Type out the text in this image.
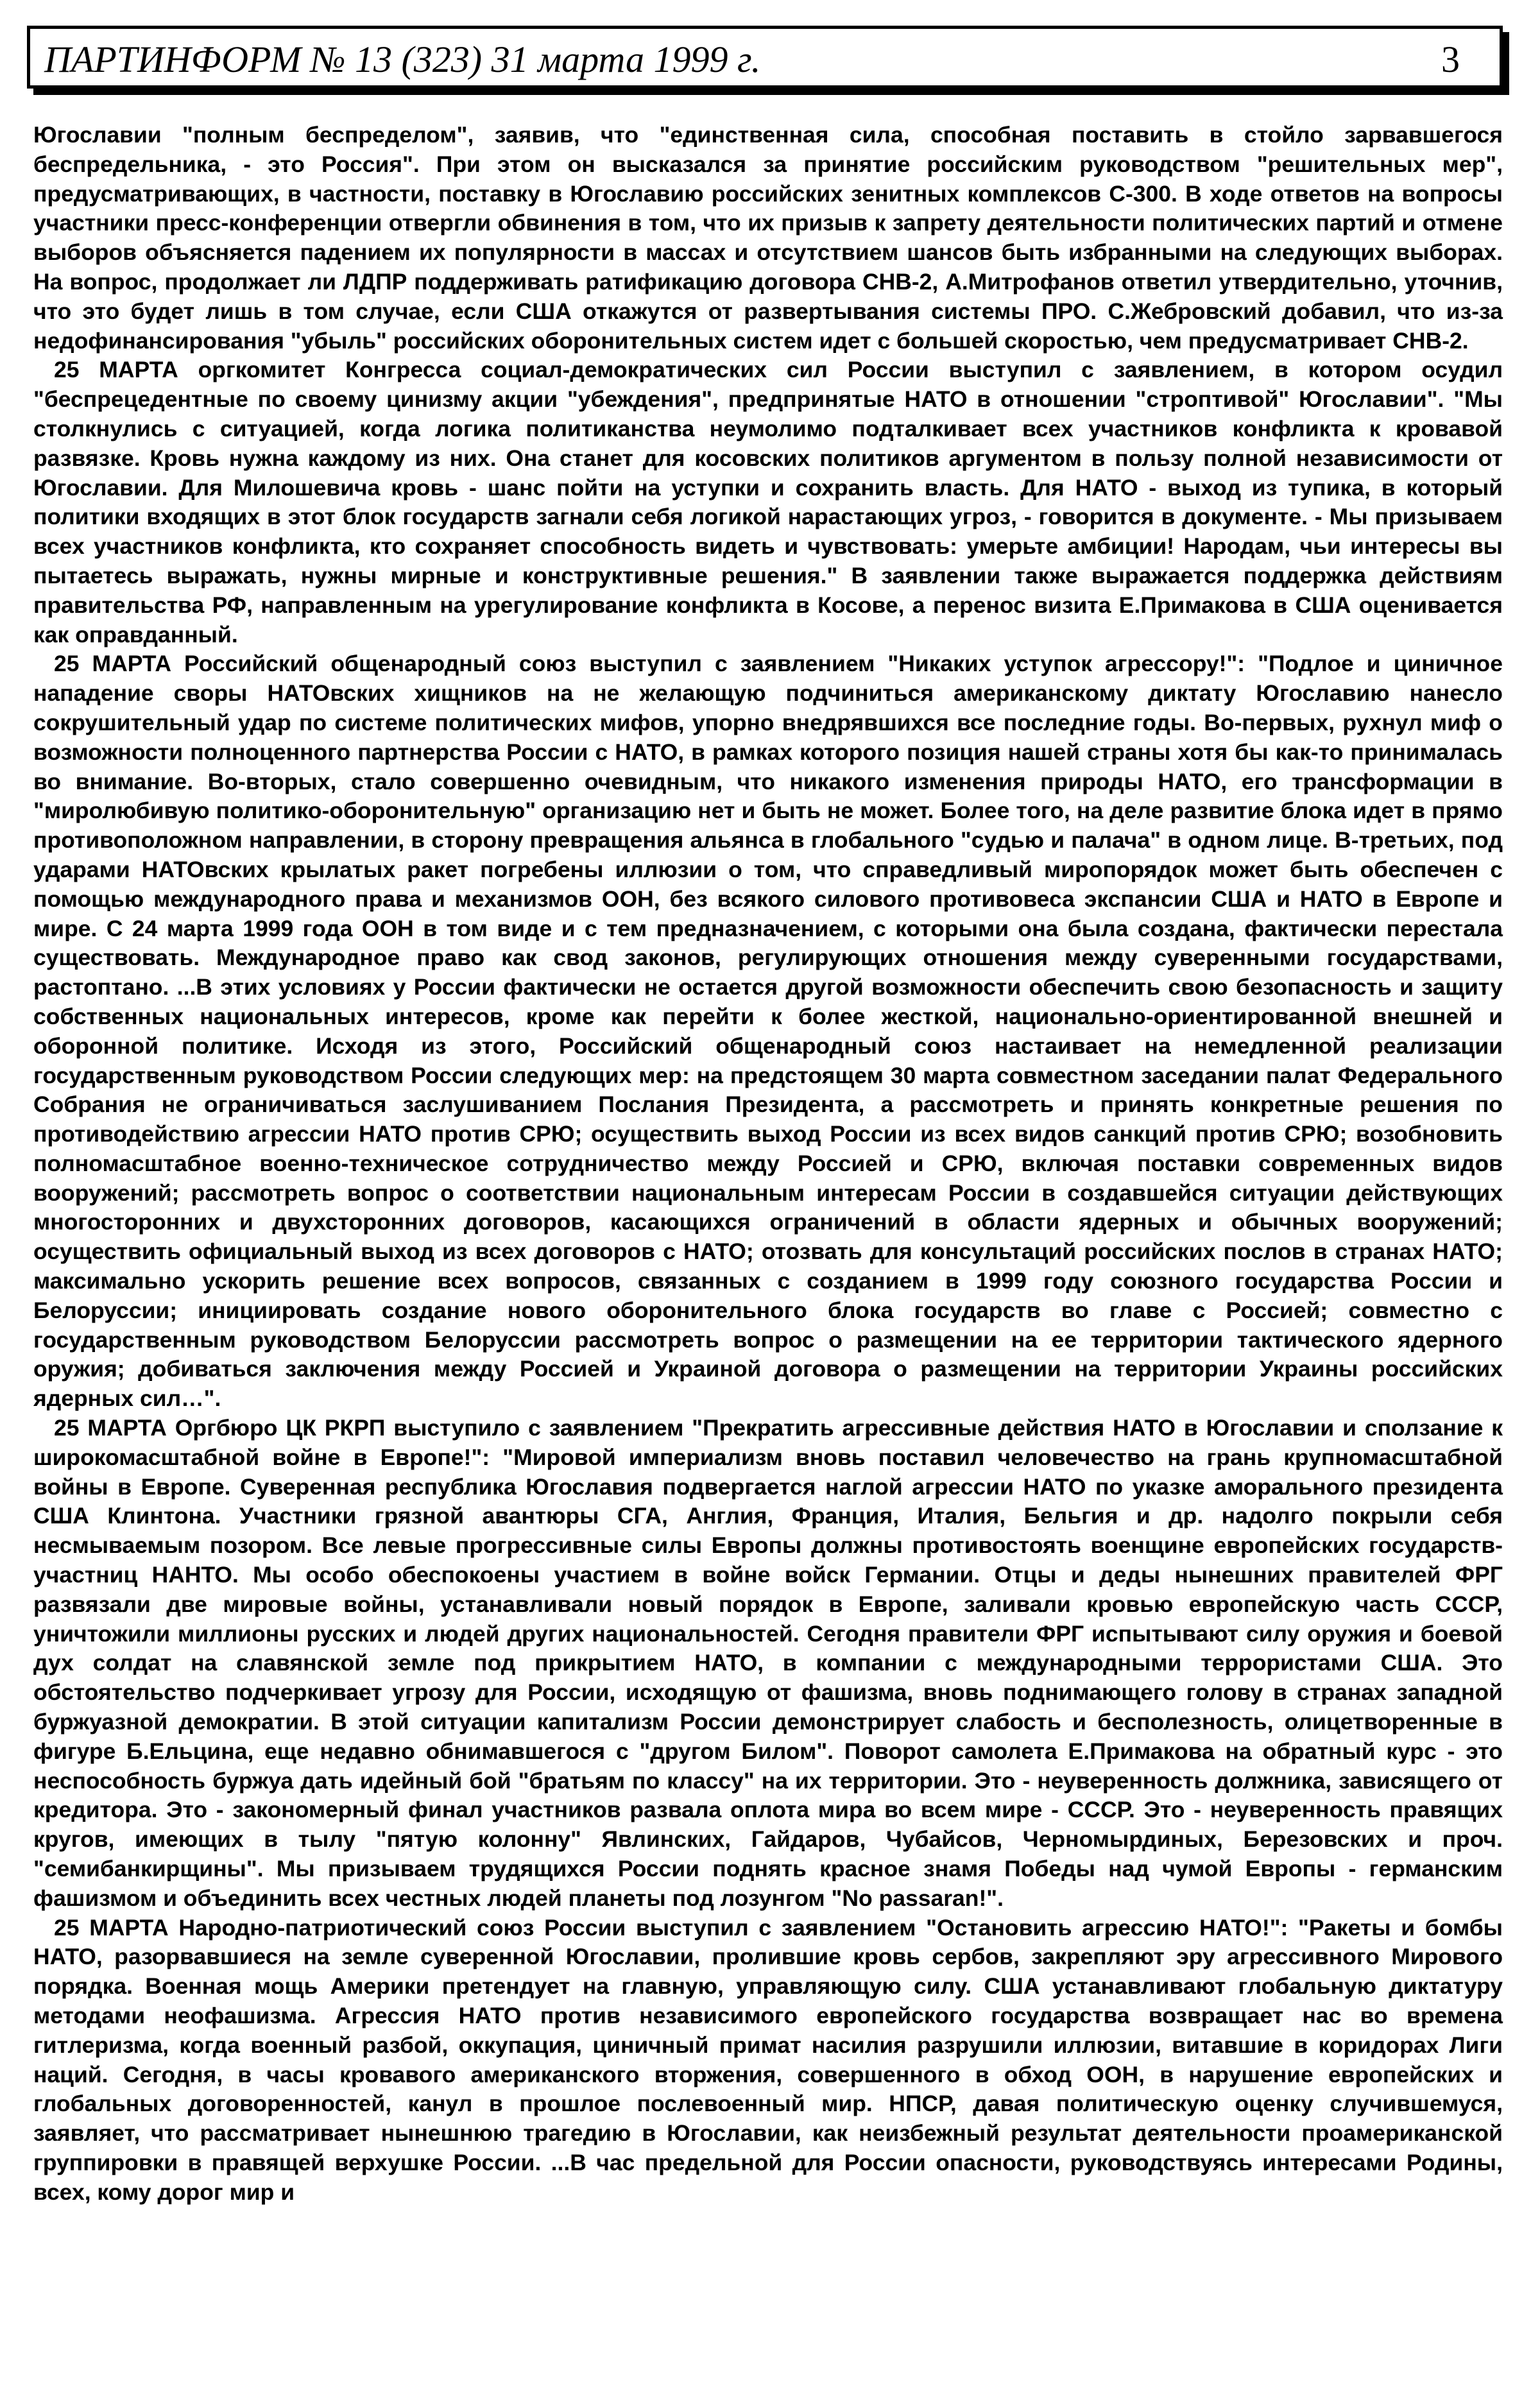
ПАРТИНФОРМ № 13 (323) 31 марта 1999 г.	3

Югославии "полным беспределом", заявив, что "единственная сила, способная поставить в стойло зарвавшегося беспредельника, - это Россия". При этом он высказался за принятие российским руководством "решительных мер", предусматривающих, в частности, поставку в Югославию российских зенитных комплексов С-300. В ходе ответов на вопросы участники пресс-конференции отвергли обвинения в том, что их призыв к запрету деятельности политических партий и отмене выборов объясняется падением их популярности в массах и отсутствием шансов быть избранными на следующих выборах. На вопрос, продолжает ли ЛДПР поддерживать ратификацию договора СНВ-2, А.Митрофанов ответил утвердительно, уточнив, что это будет лишь в том случае, если США откажутся от развертывания системы ПРО. С.Жебровский добавил, что из-за недофинансирования "убыль" российских оборонительных систем идет с большей скоростью, чем предусматривает СНВ-2.

25 МАРТА оргкомитет Конгресса социал-демократических сил России выступил с заявлением, в котором осудил "беспрецедентные по своему цинизму акции "убеждения", предпринятые НАТО в отношении "строптивой" Югославии". "Мы столкнулись с ситуацией, когда логика политиканства неумолимо подталкивает всех участников конфликта к кровавой развязке. Кровь нужна каждому из них. Она станет для косовских политиков аргументом в пользу полной независимости от Югославии. Для Милошевича кровь - шанс пойти на уступки и сохранить власть. Для НАТО - выход из тупика, в который политики входящих в этот блок государств загнали себя логикой нарастающих угроз, - говорится в документе. - Мы призываем всех участников конфликта, кто сохраняет способность видеть и чувствовать: умерьте амбиции! Народам, чьи интересы вы пытаетесь выражать, нужны мирные и конструктивные решения." В заявлении также выражается поддержка действиям правительства РФ, направленным на урегулирование конфликта в Косове, а перенос визита Е.Примакова в США оценивается как оправданный.

25 МАРТА Российский общенародный союз выступил с заявлением "Никаких уступок агрессору!": "Подлое и циничное нападение своры НАТОвских хищников на не желающую подчиниться американскому диктату Югославию нанесло сокрушительный удар по системе политических мифов, упорно внедрявшихся все последние годы. Во-первых, рухнул миф о возможности полноценного партнерства России с НАТО, в рамках которого позиция нашей страны хотя бы как-то принималась во внимание. Во-вторых, стало совершенно очевидным, что никакого изменения природы НАТО, его трансформации в "миролюбивую политико-оборонительную" организацию нет и быть не может. Более того, на деле развитие блока идет в прямо противоположном направлении, в сторону превращения альянса в глобального "судью и палача" в одном лице. В-третьих, под ударами НАТОвских крылатых ракет погребены иллюзии о том, что справедливый миропорядок может быть обеспечен с помощью международного права и механизмов ООН, без всякого силового противовеса экспансии США и НАТО в Европе и мире. С 24 марта 1999 года ООН в том виде и с тем предназначением, с которыми она была создана, фактически перестала существовать. Международное право как свод законов, регулирующих отношения между суверенными государствами, растоптано. ...В этих условиях у России фактически не остается другой возможности обеспечить свою безопасность и защиту собственных национальных интересов, кроме как перейти к более жесткой, национально-ориентированной внешней и оборонной политике. Исходя из этого, Российский общенародный союз настаивает на немедленной реализации государственным руководством России следующих мер: на предстоящем 30 марта совместном заседании палат Федерального Собрания не ограничиваться заслушиванием Послания Президента, а рассмотреть и принять конкретные решения по противодействию агрессии НАТО против СРЮ; осуществить выход России из всех видов санкций против СРЮ; возобновить полномасштабное военно-техническое сотрудничество между Россией и СРЮ, включая поставки современных видов вооружений; рассмотреть вопрос о соответствии национальным интересам России в создавшейся ситуации действующих многосторонних и двухсторонних договоров, касающихся ограничений в области ядерных и обычных вооружений; осуществить официальный выход из всех договоров с НАТО; отозвать для консультаций российских послов в странах НАТО; максимально ускорить решение всех вопросов, связанных с созданием в 1999 году союзного государства России и Белоруссии; инициировать создание нового оборонительного блока государств во главе с Россией; совместно с государственным руководством Белоруссии рассмотреть вопрос о размещении на ее территории тактического ядерного оружия; добиваться заключения между Россией и Украиной договора о размещении на территории Украины российских ядерных сил…".

25 МАРТА Оргбюро ЦК РКРП выступило с заявлением "Прекратить агрессивные действия НАТО в Югославии и сползание к широкомасштабной войне в Европе!": "Мировой империализм вновь поставил человечество на грань крупномасштабной войны в Европе. Суверенная республика Югославия подвергается наглой агрессии НАТО по указке аморального президента США Клинтона. Участники грязной авантюры СГА, Англия, Франция, Италия, Бельгия и др. надолго покрыли себя несмываемым позором. Все левые прогрессивные силы Европы должны противостоять военщине европейских государств-участниц НАНТО. Мы особо обеспокоены участием в войне войск Германии. Отцы и деды нынешних правителей ФРГ развязали две мировые войны, устанавливали новый порядок в Европе, заливали кровью европейскую часть СССР, уничтожили миллионы русских и людей других национальностей. Сегодня правители ФРГ испытывают силу оружия и боевой дух солдат на славянской земле под прикрытием НАТО, в компании с международными террористами США. Это обстоятельство подчеркивает угрозу для России, исходящую от фашизма, вновь поднимающего голову в странах западной буржуазной демократии. В этой ситуации капитализм России демонстрирует слабость и бесполезность, олицетворенные в фигуре Б.Ельцина, еще недавно обнимавшегося с "другом Билом". Поворот самолета Е.Примакова на обратный курс - это неспособность буржуа дать идейный бой "братьям по классу" на их территории. Это - неуверенность должника, зависящего от кредитора. Это - закономерный финал участников развала оплота мира во всем мире - СССР. Это - неуверенность правящих кругов, имеющих в тылу "пятую колонну" Явлинских, Гайдаров, Чубайсов, Черномырдиных, Березовских и проч. "семибанкирщины". Мы призываем трудящихся России поднять красное знамя Победы над чумой Европы - германским фашизмом и объединить всех честных людей планеты под лозунгом "No passaran!".

25 МАРТА Народно-патриотический союз России выступил с заявлением "Остановить агрессию НАТО!": "Ракеты и бомбы НАТО, разорвавшиеся на земле суверенной Югославии, пролившие кровь сербов, закрепляют эру агрессивного Мирового порядка. Военная мощь Америки претендует на главную, управляющую силу. США устанавливают глобальную диктатуру методами неофашизма. Агрессия НАТО против независимого европейского государства возвращает нас во времена гитлеризма, когда военный разбой, оккупация, циничный примат насилия разрушили иллюзии, витавшие в коридорах Лиги наций. Сегодня, в часы кровавого американского вторжения, совершенного в обход ООН, в нарушение европейских и глобальных договоренностей, канул в прошлое послевоенный мир. НПСР, давая политическую оценку случившемуся, заявляет, что рассматривает нынешнюю трагедию в Югославии, как неизбежный результат деятельности проамериканской группировки в правящей верхушке России. ...В час предельной для России опасности, руководствуясь интересами Родины, всех, кому дорог мир и
